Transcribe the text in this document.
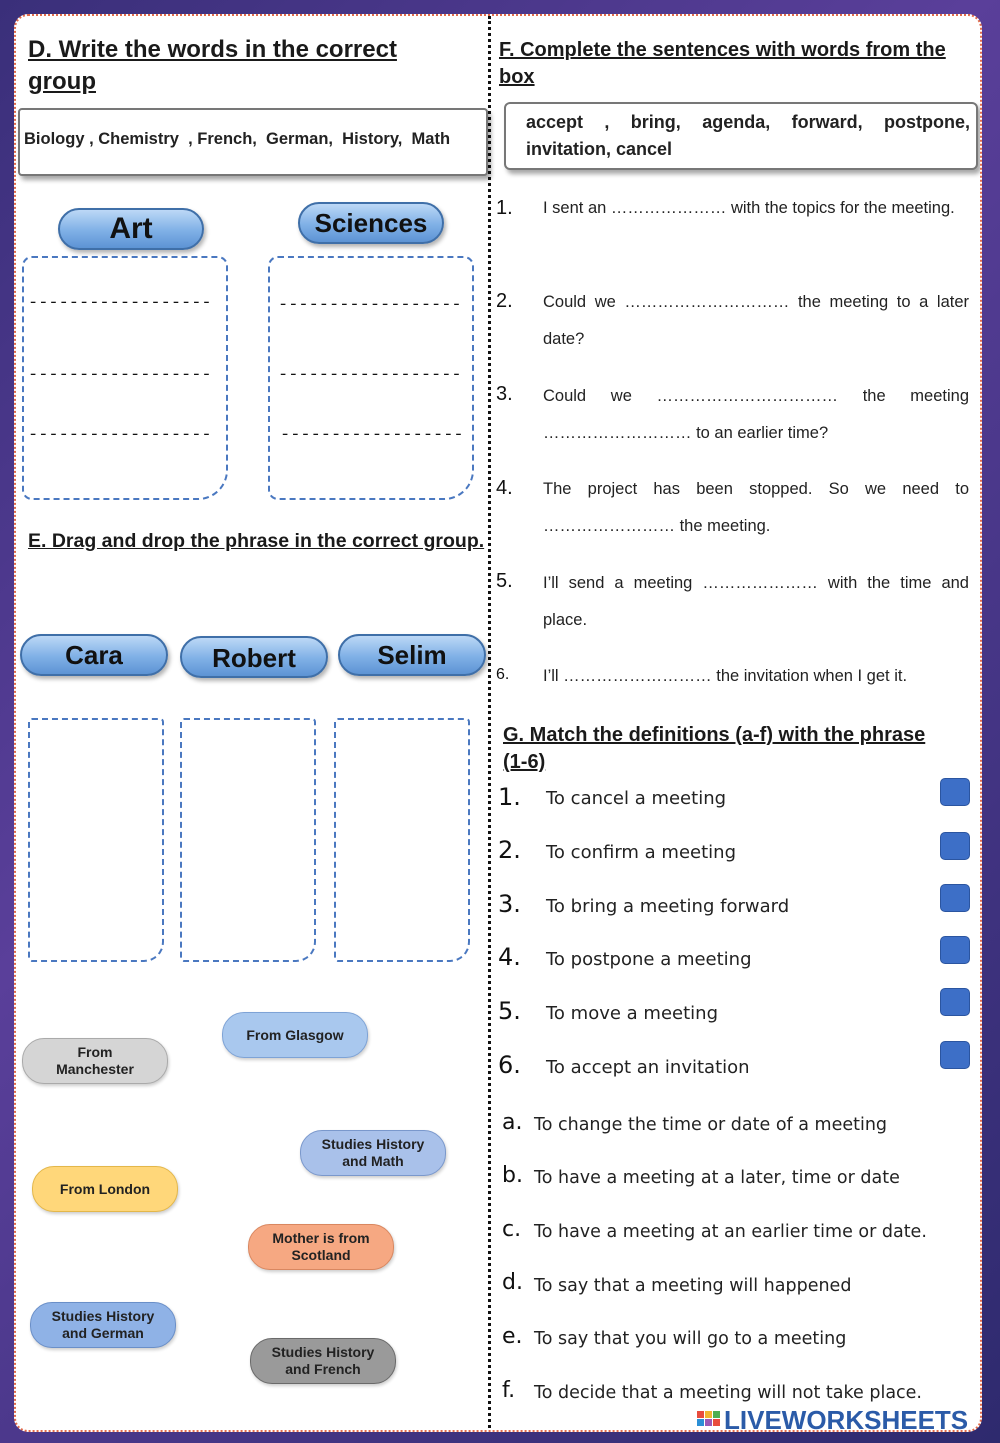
D. Write the words in the correct group
Biology , Chemistry  , French,  German,  History,  Math
Art	Sciences
------------------
------------------
------------------
------------------
------------------
------------------
E. Drag and drop the phrase in the correct group.
Cara	Robert	Selim
From Manchester
From Glasgow
Studies History and Math
From London
Mother is from Scotland
Studies History and German
Studies History and French
F. Complete the sentences with words from the box
accept , bring, agenda, forward, postpone, invitation, cancel
1. I sent an ………………… with the topics for the meeting.
2. Could we ………………………… the meeting to a later date?
3. Could we …………………………… the meeting ……………………… to an earlier time?
4. The project has been stopped. So we need to …………………… the meeting.
5. I’ll send a meeting ………………… with the time and place.
6. I’ll ……………………… the invitation when I get it.
G. Match the definitions (a-f) with the phrase (1-6)
1. To cancel a meeting
2. To confirm a meeting
3. To bring a meeting forward
4. To postpone a meeting
5. To move a meeting
6. To accept an invitation
a. To change the time or date of a meeting
b. To have a meeting at a later, time or date
c. To have a meeting at an earlier time or date.
d. To say that a meeting will happened
e. To say that you will go to a meeting
f. To decide that a meeting will not take place.
LIVEWORKSHEETS
